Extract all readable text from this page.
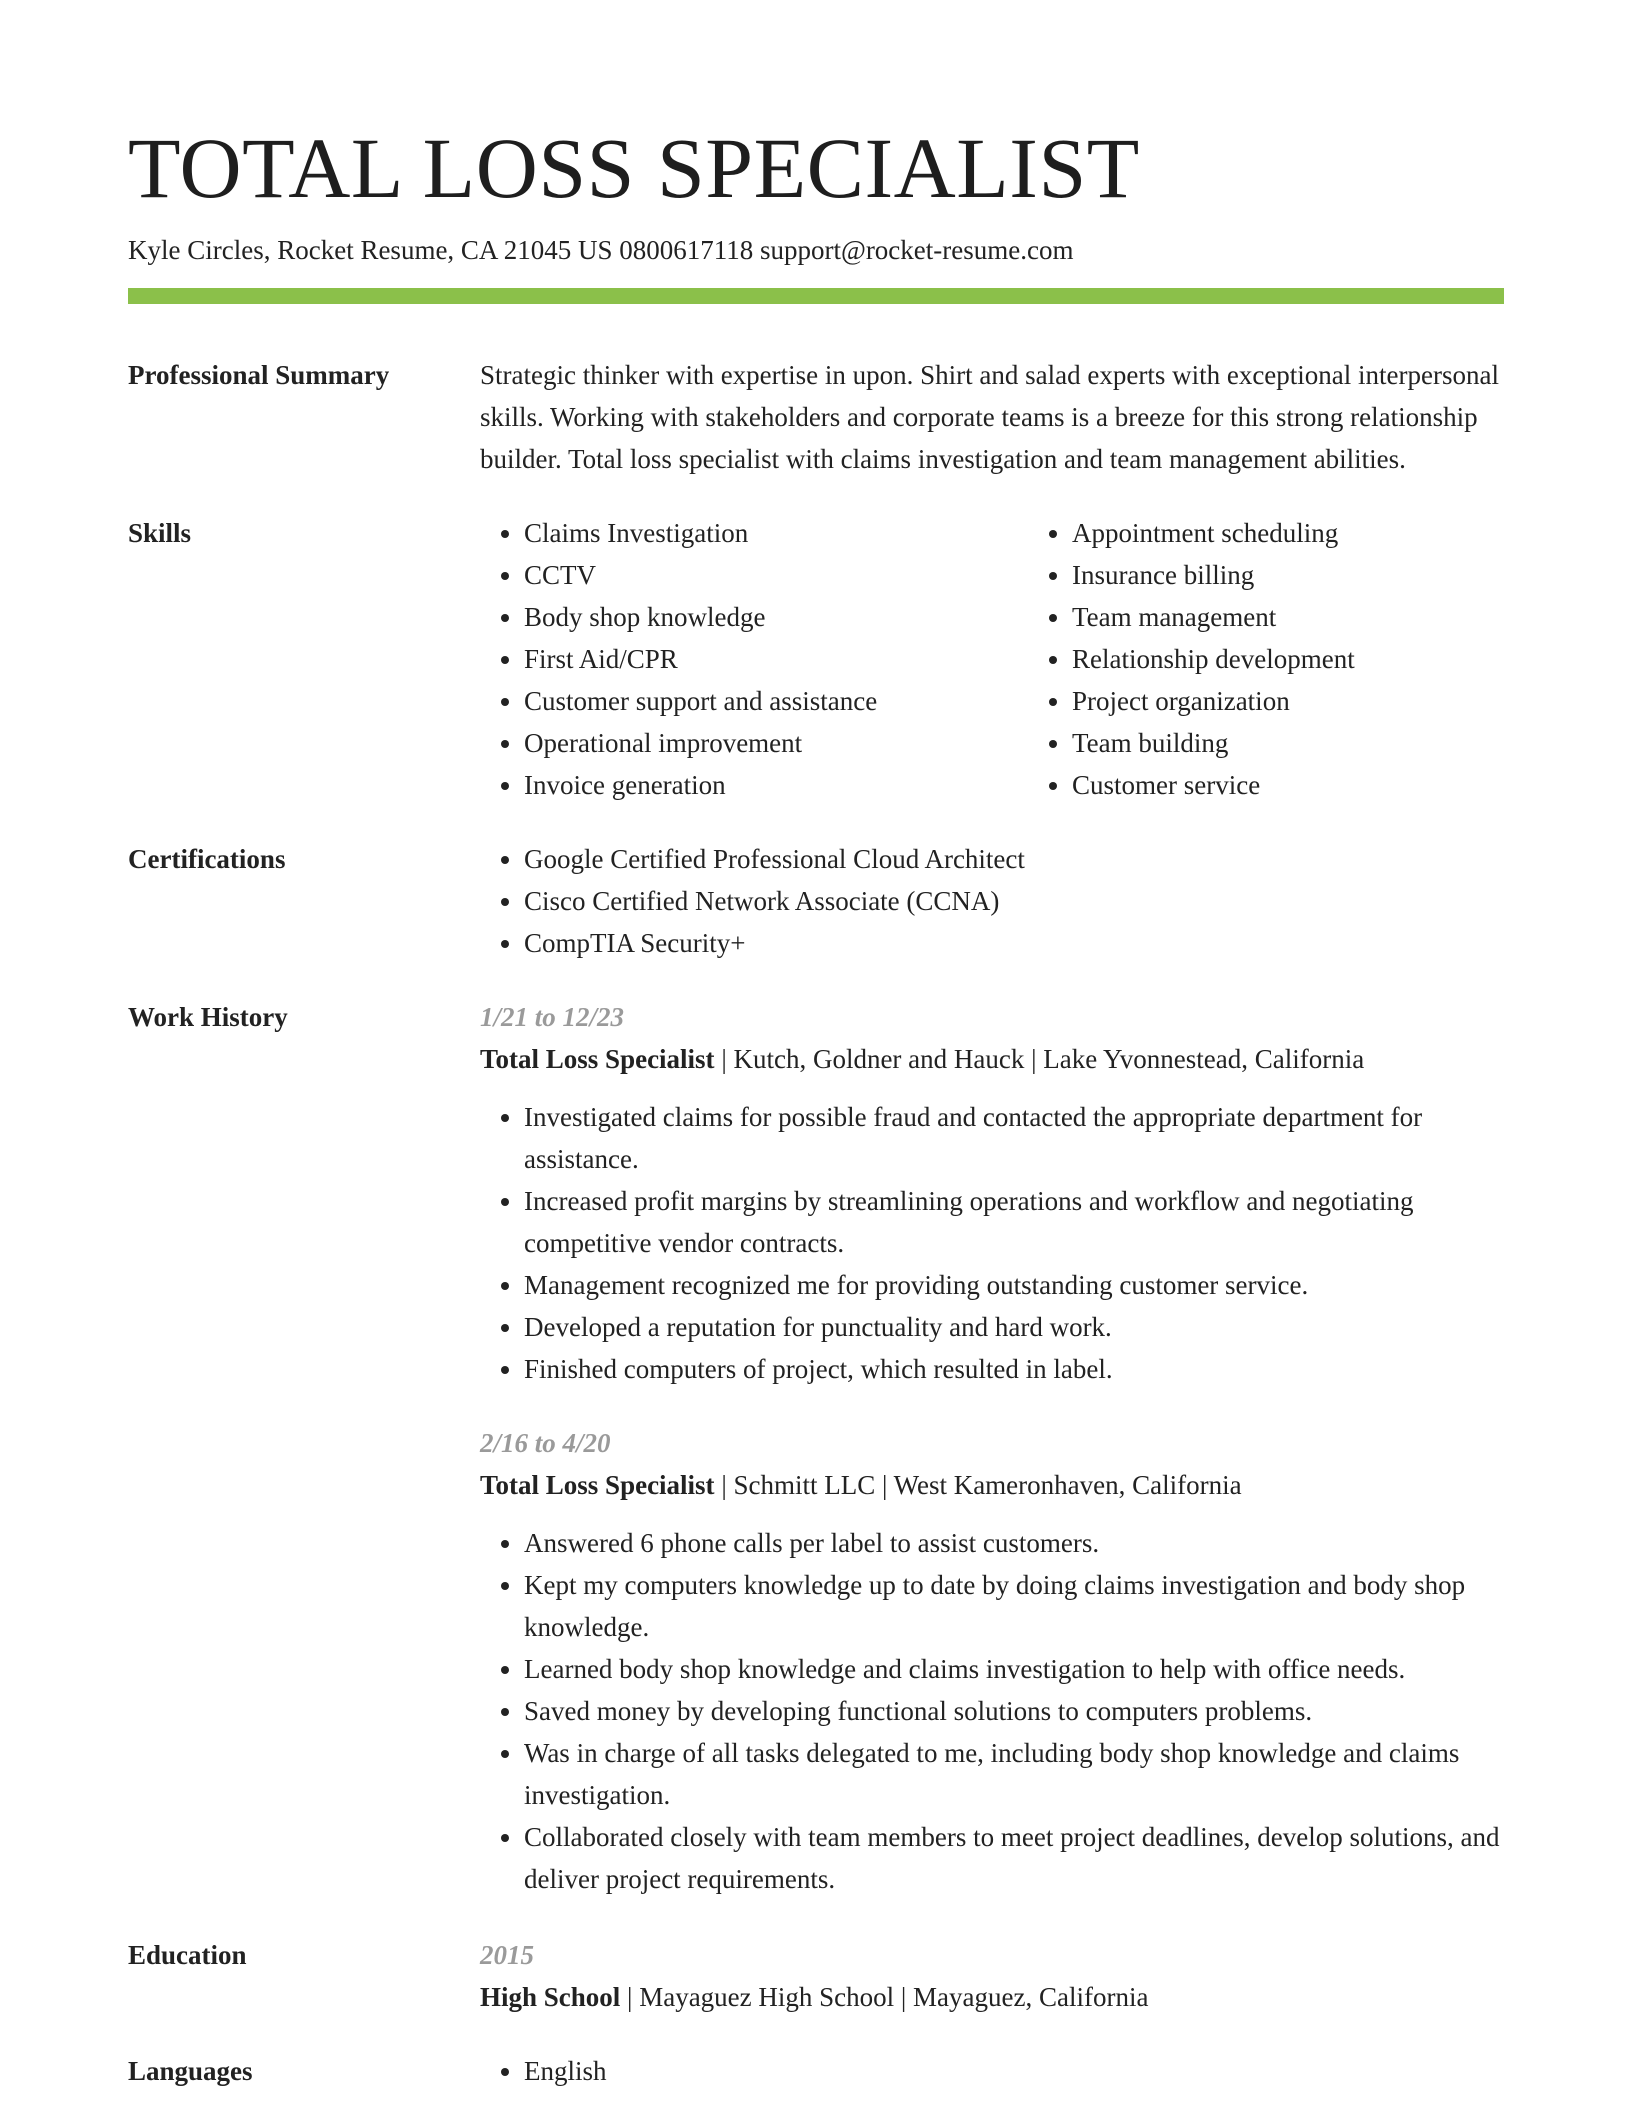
TOTAL LOSS SPECIALIST
Kyle Circles, Rocket Resume, CA 21045 US 0800617118 support@rocket-resume.com
Professional Summary	Strategic thinker with expertise in upon. Shirt and salad experts with exceptional interpersonal skills. Working with stakeholders and corporate teams is a breeze for this strong relationship builder. Total loss specialist with claims investigation and team management abilities.

Skills	• Claims Investigation
• CCTV
• Body shop knowledge
• First Aid/CPR
• Customer support and assistance
• Operational improvement
• Invoice generation
• Appointment scheduling
• Insurance billing
• Team management
• Relationship development
• Project organization
• Team building
• Customer service
Certifications	• Google Certified Professional Cloud Architect
• Cisco Certified Network Associate (CCNA)
• CompTIA Security+
Work History	1/21 to 12/23
Total Loss Specialist | Kutch, Goldner and Hauck | Lake Yvonnestead, California
• Investigated claims for possible fraud and contacted the appropriate department for assistance.
• Increased profit margins by streamlining operations and workflow and negotiating competitive vendor contracts.
• Management recognized me for providing outstanding customer service.
• Developed a reputation for punctuality and hard work.
• Finished computers of project, which resulted in label.
2/16 to 4/20
Total Loss Specialist | Schmitt LLC | West Kameronhaven, California
• Answered 6 phone calls per label to assist customers.
• Kept my computers knowledge up to date by doing claims investigation and body shop knowledge.
• Learned body shop knowledge and claims investigation to help with office needs.
• Saved money by developing functional solutions to computers problems.
• Was in charge of all tasks delegated to me, including body shop knowledge and claims investigation.
• Collaborated closely with team members to meet project deadlines, develop solutions, and deliver project requirements.
Education	2015
High School | Mayaguez High School | Mayaguez, California
Languages	• English
